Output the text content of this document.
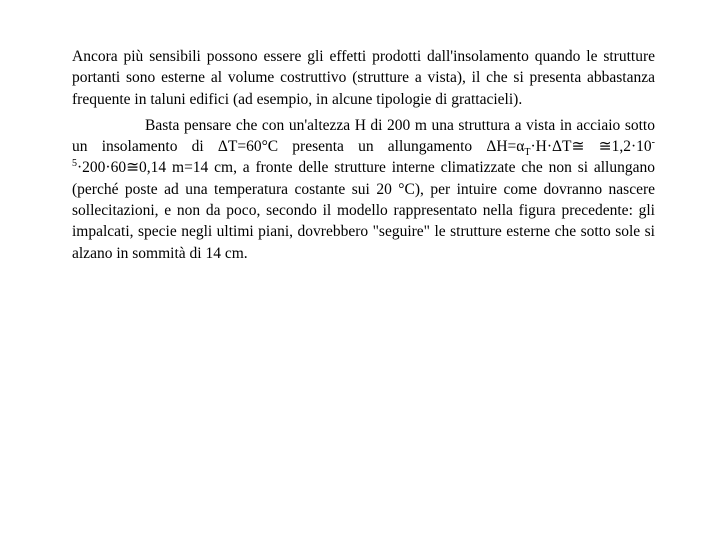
Ancora più sensibili possono essere gli effetti prodotti dall'insolamento quando le strutture portanti sono esterne al volume costruttivo (strutture a vista), il che si presenta abbastanza frequente in taluni edifici (ad esempio, in alcune tipologie di grattacieli).

Basta pensare che con un'altezza H di 200 m una struttura a vista in acciaio sotto un insolamento di ΔT=60°C presenta un allungamento $\Delta H=\alpha_T\cdot H\cdot\Delta T≅$ $≅1,2\cdot 10^{-5}\cdot 200\cdot 60≅0,14$ m=14 cm, a fronte delle strutture interne climatizzate che non si allungano (perché poste ad una temperatura costante sui 20 °C), per intuire come dovranno nascere sollecitazioni, e non da poco, secondo il modello rappresentato nella figura precedente: gli impalcati, specie negli ultimi piani, dovrebbero "seguire" le strutture esterne che sotto sole si alzano in sommità di 14 cm.
